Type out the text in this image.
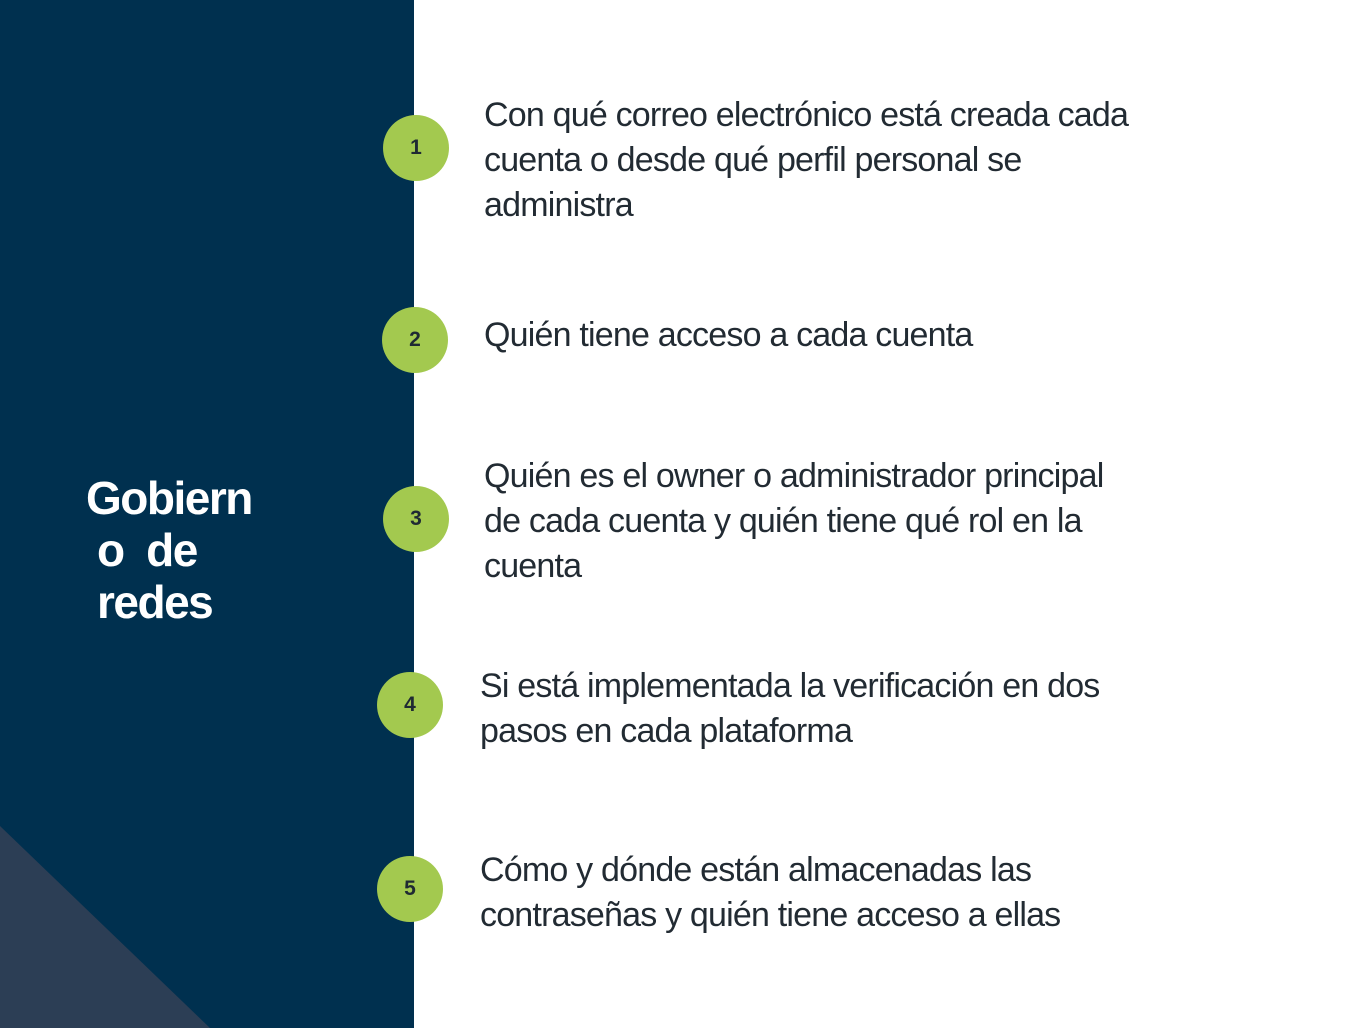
Gobiern
o  de
redes
1
Con qué correo electrónico está creada cada cuenta o desde qué perfil personal se administra
2	Quién tiene acceso a cada cuenta
3
Quién es el owner o administrador principal de cada cuenta y quién tiene qué rol en la cuenta
4	Si está implementada la verificación en dos pasos en cada plataforma
5	Cómo y dónde están almacenadas las contraseñas y quién tiene acceso a ellas
